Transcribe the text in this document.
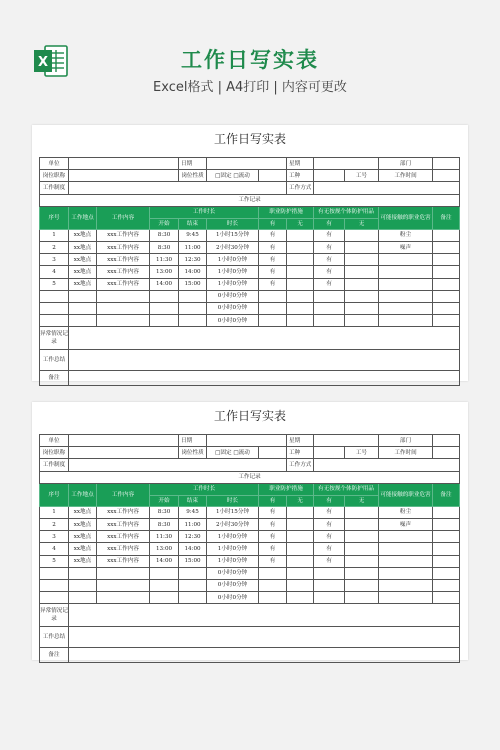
X	工作日写实表
Excel格式 | A4打印 | 内容可更改
工作日写实表
单位				日期			星期			部门	
岗位职称				岗位性质	□固定 □流动		工种		工号	工作时间	
工作制度							工作方式				
工作记录											
序号	工作地点	工作内容	工作时长			职业防护措施		有无按规个体防护用品		可能接触的职业危害	备注
			开始	结束	时长	有	无	有	无		
1	xx地点	xxx工作内容	8:30	9:45	1小时15分钟	有		有		粉尘	
2	xx地点	xxx工作内容	8:30	11:00	2小时30分钟	有		有		噪声	
3	xx地点	xxx工作内容	11:30	12:30	1小时0分钟	有		有			
4	xx地点	xxx工作内容	13:00	14:00	1小时0分钟	有		有			
5	xx地点	xxx工作内容	14:00	15:00	1小时0分钟	有		有			
					0小时0分钟						
					0小时0分钟						
					0小时0分钟						
异常情况记录											
工作总结											
备注											
工作日写实表
单位				日期			星期			部门	
岗位职称				岗位性质	□固定 □流动		工种		工号	工作时间	
工作制度							工作方式				
工作记录											
序号	工作地点	工作内容	工作时长			职业防护措施		有无按规个体防护用品		可能接触的职业危害	备注
			开始	结束	时长	有	无	有	无		
1	xx地点	xxx工作内容	8:30	9:45	1小时15分钟	有		有		粉尘	
2	xx地点	xxx工作内容	8:30	11:00	2小时30分钟	有		有		噪声	
3	xx地点	xxx工作内容	11:30	12:30	1小时0分钟	有		有			
4	xx地点	xxx工作内容	13:00	14:00	1小时0分钟	有		有			
5	xx地点	xxx工作内容	14:00	15:00	1小时0分钟	有		有			
					0小时0分钟						
					0小时0分钟						
					0小时0分钟						
异常情况记录											
工作总结											
备注											
